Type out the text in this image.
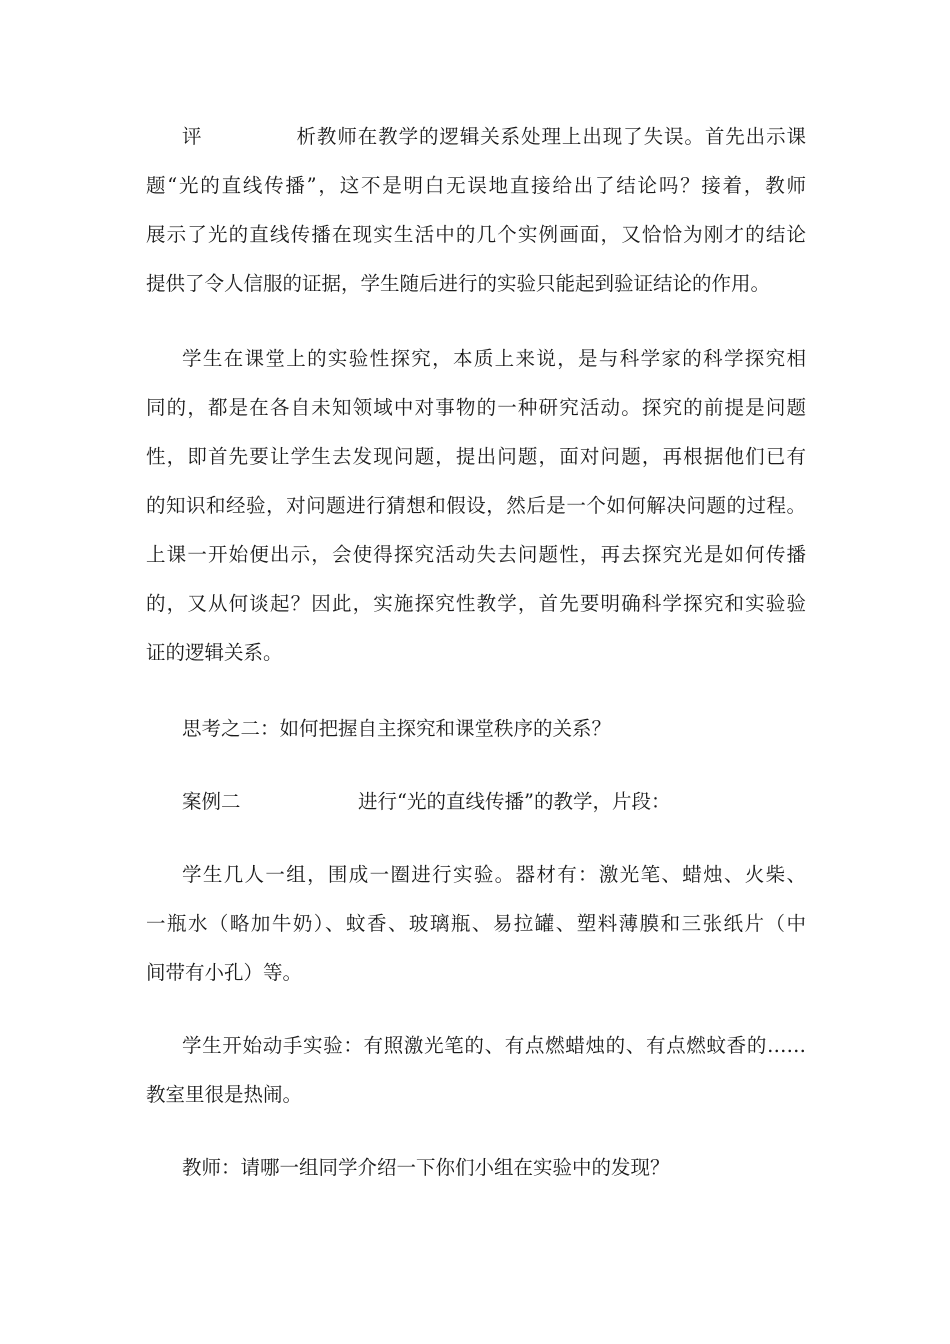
评析教师在教学的逻辑关系处理上出现了失误。首先出示课
题“光的直线传播”，这不是明白无误地直接给出了结论吗？接着，教师
展示了光的直线传播在现实生活中的几个实例画面，又恰恰为刚才的结论
提供了令人信服的证据，学生随后进行的实验只能起到验证结论的作用。
学生在课堂上的实验性探究，本质上来说，是与科学家的科学探究相
同的，都是在各自未知领域中对事物的一种研究活动。探究的前提是问题
性，即首先要让学生去发现问题，提出问题，面对问题，再根据他们已有
的知识和经验，对问题进行猜想和假设，然后是一个如何解决问题的过程。
上课一开始便出示，会使得探究活动失去问题性，再去探究光是如何传播
的，又从何谈起？因此，实施探究性教学，首先要明确科学探究和实验验
证的逻辑关系。
思考之二：如何把握自主探究和课堂秩序的关系？
案例二	进行“光的直线传播”的教学，片段：
学生几人一组，围成一圈进行实验。器材有：激光笔、蜡烛、火柴、
一瓶水（略加牛奶）、蚊香、玻璃瓶、易拉罐、塑料薄膜和三张纸片（中
间带有小孔）等。
学生开始动手实验：有照激光笔的、有点燃蜡烛的、有点燃蚊香的……
教室里很是热闹。
教师：请哪一组同学介绍一下你们小组在实验中的发现？
